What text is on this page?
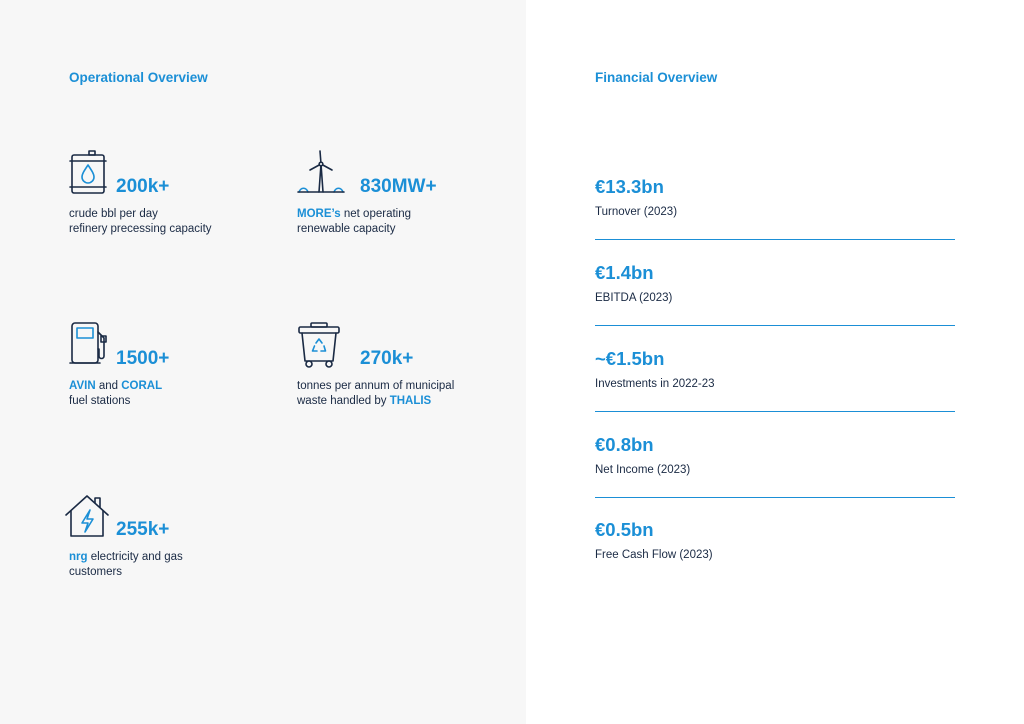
Operational Overview
200k+
crude bbl per day
refinery precessing capacity
830MW+
MORE’s net operating
renewable capacity
1500+
AVIN and CORAL
fuel stations
270k+
tonnes per annum of municipal
waste handled by THALIS
255k+
nrg electricity and gas
customers
Financial Overview
€13.3bn
Turnover (2023)
€1.4bn
EBITDA (2023)
~€1.5bn
Investments in 2022-23
€0.8bn
Net Income (2023)
€0.5bn
Free Cash Flow (2023)
